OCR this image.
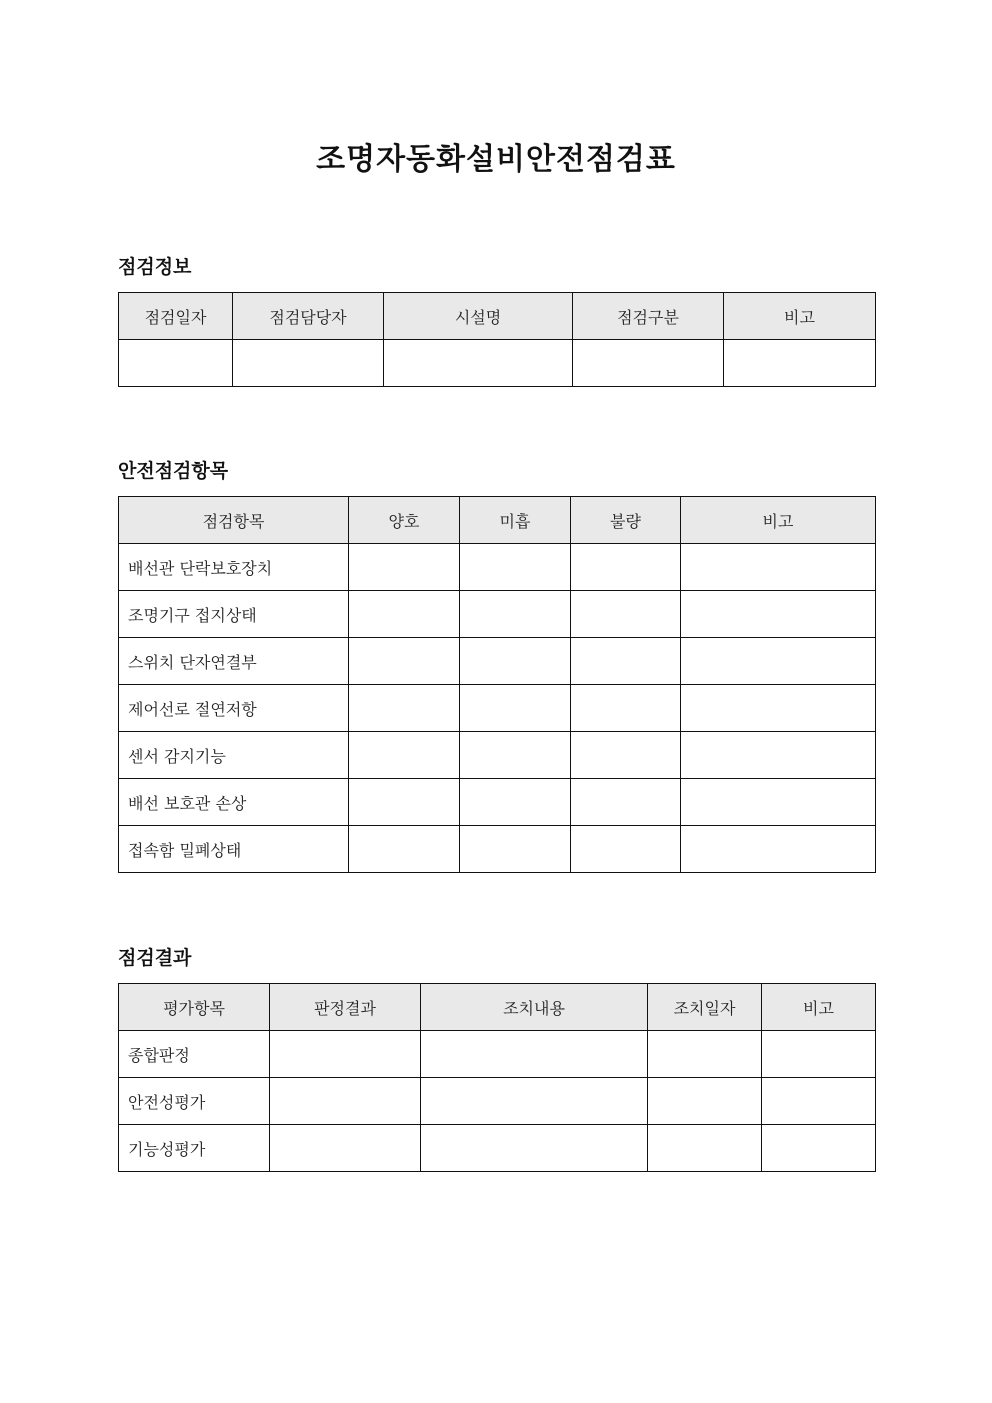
조명자동화설비안전점검표
점검정보
점검일자	점검담당자	시설명	점검구분	비고

안전점검항목
점검항목	양호	미흡	불량	비고
배선관 단락보호장치				
조명기구 접지상태				
스위치 단자연결부				
제어선로 절연저항				
센서 감지기능				
배선 보호관 손상				
접속함 밀폐상태				
점검결과
평가항목	판정결과	조치내용	조치일자	비고
종합판정				
안전성평가				
기능성평가				
